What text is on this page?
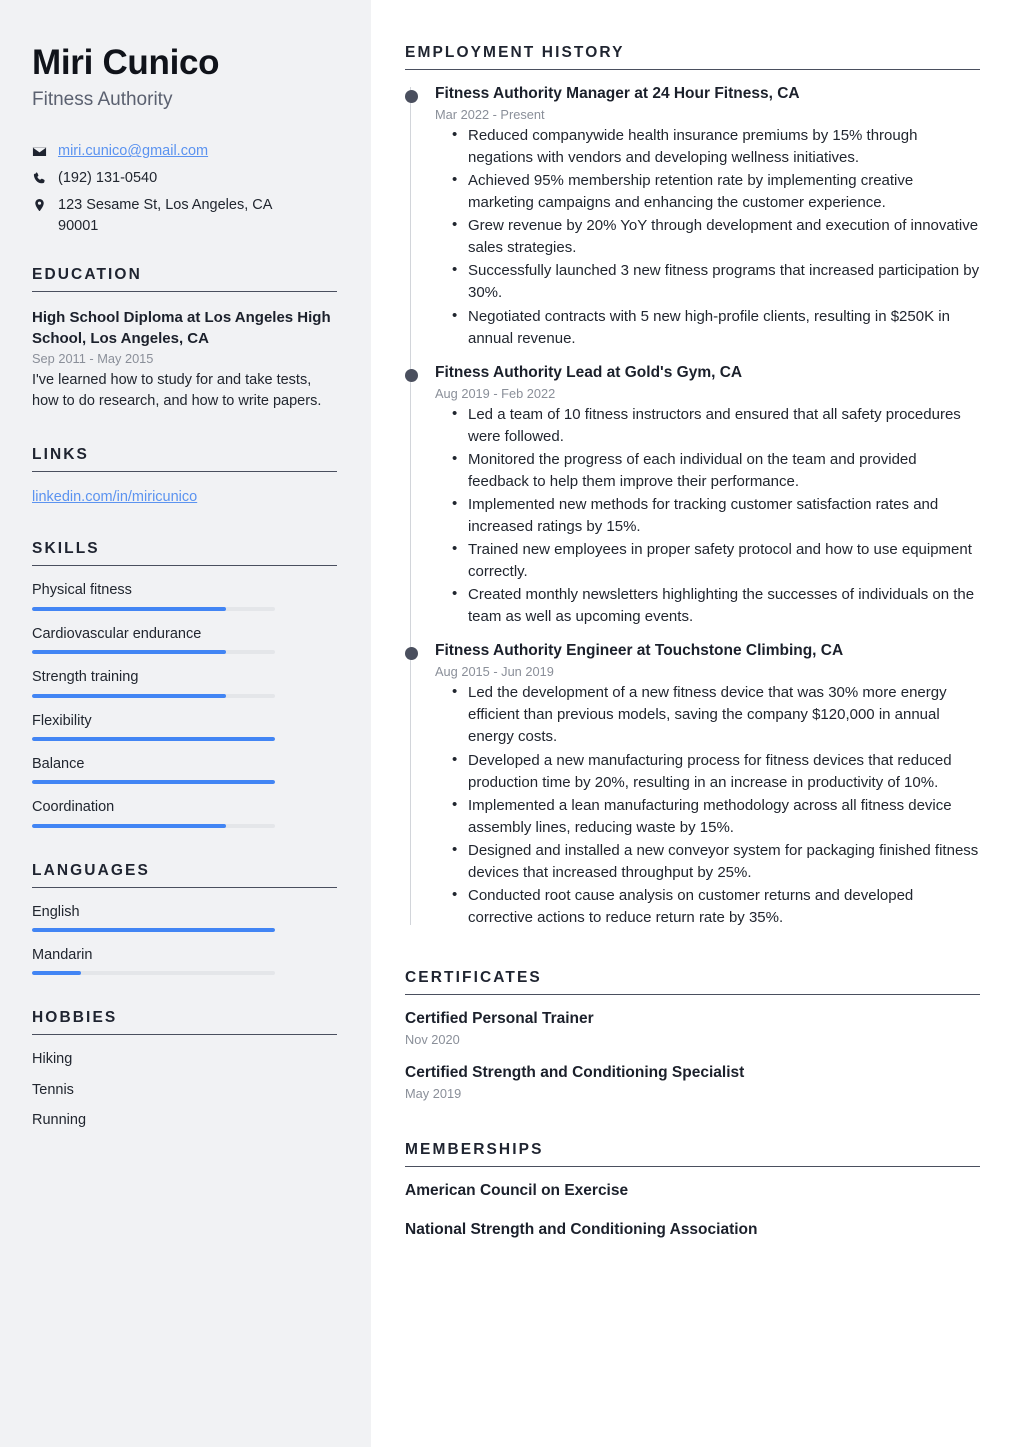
Miri Cunico
Fitness Authority
miri.cunico@gmail.com
(192) 131-0540
123 Sesame St, Los Angeles, CA 90001
EDUCATION
High School Diploma at Los Angeles High School, Los Angeles, CA
Sep 2011 - May 2015

I've learned how to study for and take tests, how to do research, and how to write papers.

LINKS
linkedin.com/in/miricunico
SKILLS
Physical fitness
Cardiovascular endurance
Strength training
Flexibility
Balance
Coordination
LANGUAGES
English
Mandarin
HOBBIES
Hiking
Tennis
Running
EMPLOYMENT HISTORY
Fitness Authority Manager at 24 Hour Fitness, CA
Mar 2022 - Present
• Reduced companywide health insurance premiums by 15% through negations with vendors and developing wellness initiatives.
• Achieved 95% membership retention rate by implementing creative marketing campaigns and enhancing the customer experience.
• Grew revenue by 20% YoY through development and execution of innovative sales strategies.
• Successfully launched 3 new fitness programs that increased participation by 30%.
• Negotiated contracts with 5 new high-profile clients, resulting in $250K in annual revenue.
Fitness Authority Lead at Gold's Gym, CA
Aug 2019 - Feb 2022
• Led a team of 10 fitness instructors and ensured that all safety procedures were followed.
• Monitored the progress of each individual on the team and provided feedback to help them improve their performance.
• Implemented new methods for tracking customer satisfaction rates and increased ratings by 15%.
• Trained new employees in proper safety protocol and how to use equipment correctly.
• Created monthly newsletters highlighting the successes of individuals on the team as well as upcoming events.
Fitness Authority Engineer at Touchstone Climbing, CA
Aug 2015 - Jun 2019
• Led the development of a new fitness device that was 30% more energy efficient than previous models, saving the company $120,000 in annual energy costs.
• Developed a new manufacturing process for fitness devices that reduced production time by 20%, resulting in an increase in productivity of 10%.
• Implemented a lean manufacturing methodology across all fitness device assembly lines, reducing waste by 15%.
• Designed and installed a new conveyor system for packaging finished fitness devices that increased throughput by 25%.
• Conducted root cause analysis on customer returns and developed corrective actions to reduce return rate by 35%.
CERTIFICATES
Certified Personal Trainer
Nov 2020
Certified Strength and Conditioning Specialist
May 2019
MEMBERSHIPS
American Council on Exercise
National Strength and Conditioning Association
